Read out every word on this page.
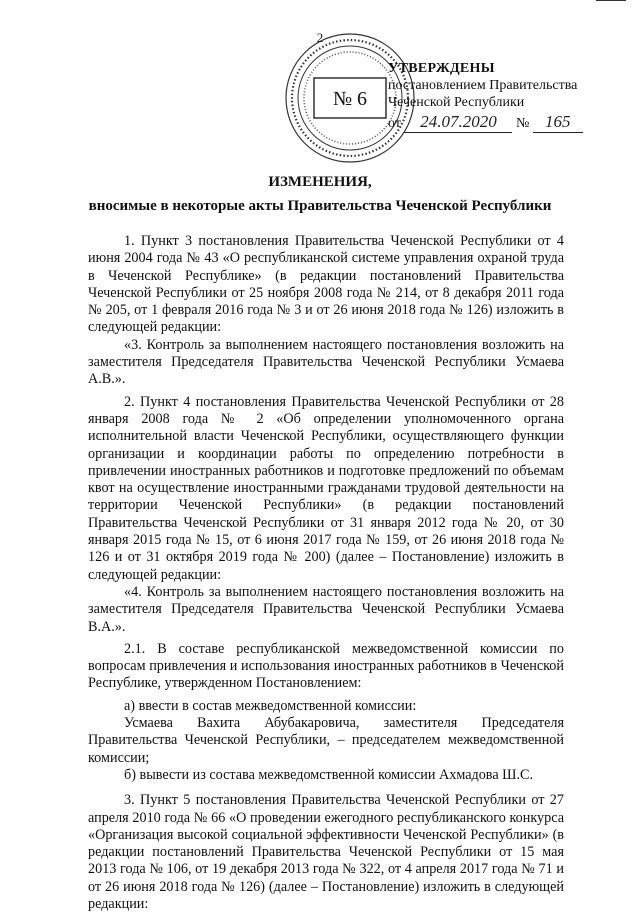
2
№ 6
УТВЕРЖДЕНЫ
постановлением Правительства
Чеченской Республики
от 24.07.2020 № 165
ИЗМЕНЕНИЯ,
вносимые в некоторые акты Правительства Чеченской Республики

1. Пункт 3 постановления Правительства Чеченской Республики от 4 июня 2004 года № 43 «О республиканской системе управления охраной труда в Чеченской Республике» (в редакции постановлений Правительства Чеченской Республики от 25 ноября 2008 года № 214, от 8 декабря 2011 года № 205, от 1 февраля 2016 года № 3 и от 26 июня 2018 года № 126) изложить в следующей редакции:

«3. Контроль за выполнением настоящего постановления возложить на заместителя Председателя Правительства Чеченской Республики Усмаева А.В.».

2. Пункт 4 постановления Правительства Чеченской Республики от 28 января 2008 года № 2 «Об определении уполномоченного органа исполнительной власти Чеченской Республики, осуществляющего функции организации и координации работы по определению потребности в привлечении иностранных работников и подготовке предложений по объемам квот на осуществление иностранными гражданами трудовой деятельности на территории Чеченской Республики» (в редакции постановлений Правительства Чеченской Республики от 31 января 2012 года № 20, от 30 января 2015 года № 15, от 6 июня 2017 года № 159, от 26 июня 2018 года № 126 и от 31 октября 2019 года № 200) (далее – Постановление) изложить в следующей редакции:

«4. Контроль за выполнением настоящего постановления возложить на заместителя Председателя Правительства Чеченской Республики Усмаева В.А.».

2.1. В составе республиканской межведомственной комиссии по вопросам привлечения и использования иностранных работников в Чеченской Республике, утвержденном Постановлением:

а) ввести в состав межведомственной комиссии:

Усмаева Вахита Абубакаровича, заместителя Председателя Правительства Чеченской Республики, – председателем межведомственной комиссии;

б) вывести из состава межведомственной комиссии Ахмадова Ш.С.

3. Пункт 5 постановления Правительства Чеченской Республики от 27 апреля 2010 года № 66 «О проведении ежегодного республиканского конкурса «Организация высокой социальной эффективности Чеченской Республики» (в редакции постановлений Правительства Чеченской Республики от 15 мая 2013 года № 106, от 19 декабря 2013 года № 322, от 4 апреля 2017 года № 71 и от 26 июня 2018 года № 126) (далее – Постановление) изложить в следующей редакции:
